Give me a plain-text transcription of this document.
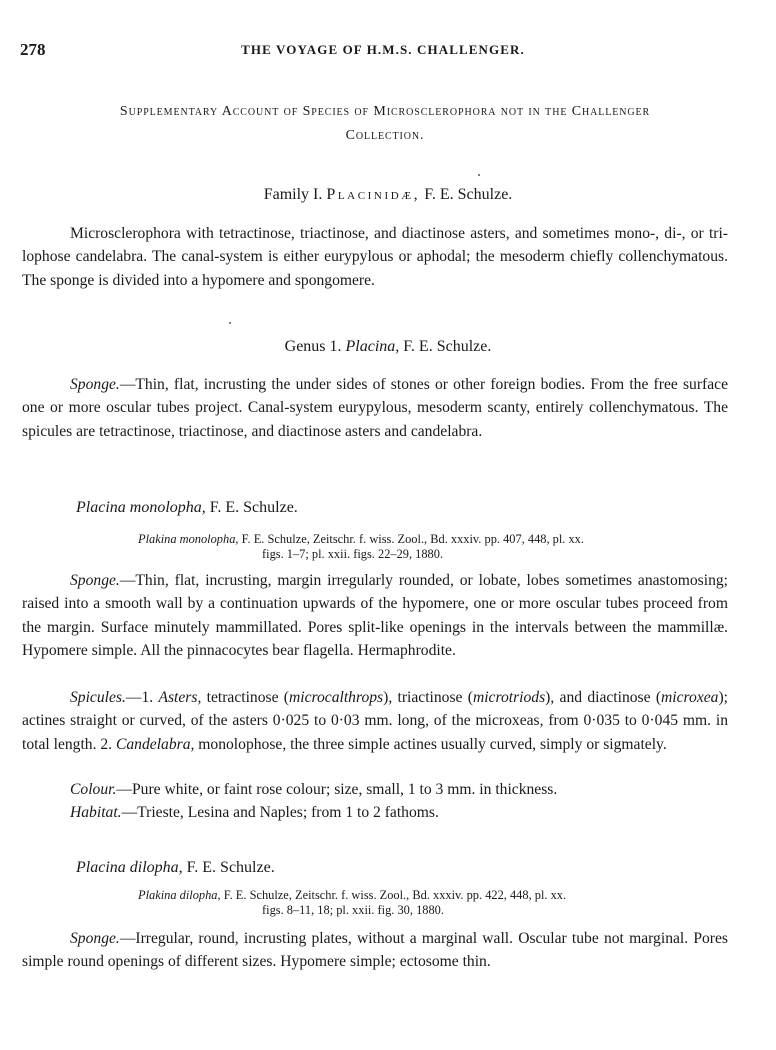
278	THE VOYAGE OF H.M.S. CHALLENGER.
Supplementary Account of Species of Microsclerophora not in the Challenger
Collection.
Family I. Placinidæ, F. E. Schulze.

Microsclerophora with tetractinose, triactinose, and diactinose asters, and sometimes mono-, di-, or tri-lophose candelabra. The canal-system is either eurypylous or aphodal; the mesoderm chiefly collenchymatous. The sponge is divided into a hypomere and spongomere.

Genus 1. Placina, F. E. Schulze.

Sponge.—Thin, flat, incrusting the under sides of stones or other foreign bodies. From the free surface one or more oscular tubes project. Canal-system eurypylous, mesoderm scanty, entirely collenchymatous. The spicules are tetractinose, triactinose, and diactinose asters and candelabra.

Placina monolopha, F. E. Schulze.
Plakina monolopha, F. E. Schulze, Zeitschr. f. wiss. Zool., Bd. xxxiv. pp. 407, 448, pl. xx.
figs. 1–7; pl. xxii. figs. 22–29, 1880.

Sponge.—Thin, flat, incrusting, margin irregularly rounded, or lobate, lobes sometimes anastomosing; raised into a smooth wall by a continuation upwards of the hypomere, one or more oscular tubes proceed from the margin. Surface minutely mammillated. Pores split-like openings in the intervals between the mammillæ. Hypomere simple. All the pinnacocytes bear flagella. Hermaphrodite.

Spicules.—1. Asters, tetractinose (microcalthrops), triactinose (microtriods), and diactinose (microxea); actines straight or curved, of the asters 0·025 to 0·03 mm. long, of the microxeas, from 0·035 to 0·045 mm. in total length. 2. Candelabra, monolophose, the three simple actines usually curved, simply or sigmately.

Colour.—Pure white, or faint rose colour; size, small, 1 to 3 mm. in thickness.

Habitat.—Trieste, Lesina and Naples; from 1 to 2 fathoms.

Placina dilopha, F. E. Schulze.
Plakina dilopha, F. E. Schulze, Zeitschr. f. wiss. Zool., Bd. xxxiv. pp. 422, 448, pl. xx.
figs. 8–11, 18; pl. xxii. fig. 30, 1880.

Sponge.—Irregular, round, incrusting plates, without a marginal wall. Oscular tube not marginal. Pores simple round openings of different sizes. Hypomere simple; ectosome thin.
